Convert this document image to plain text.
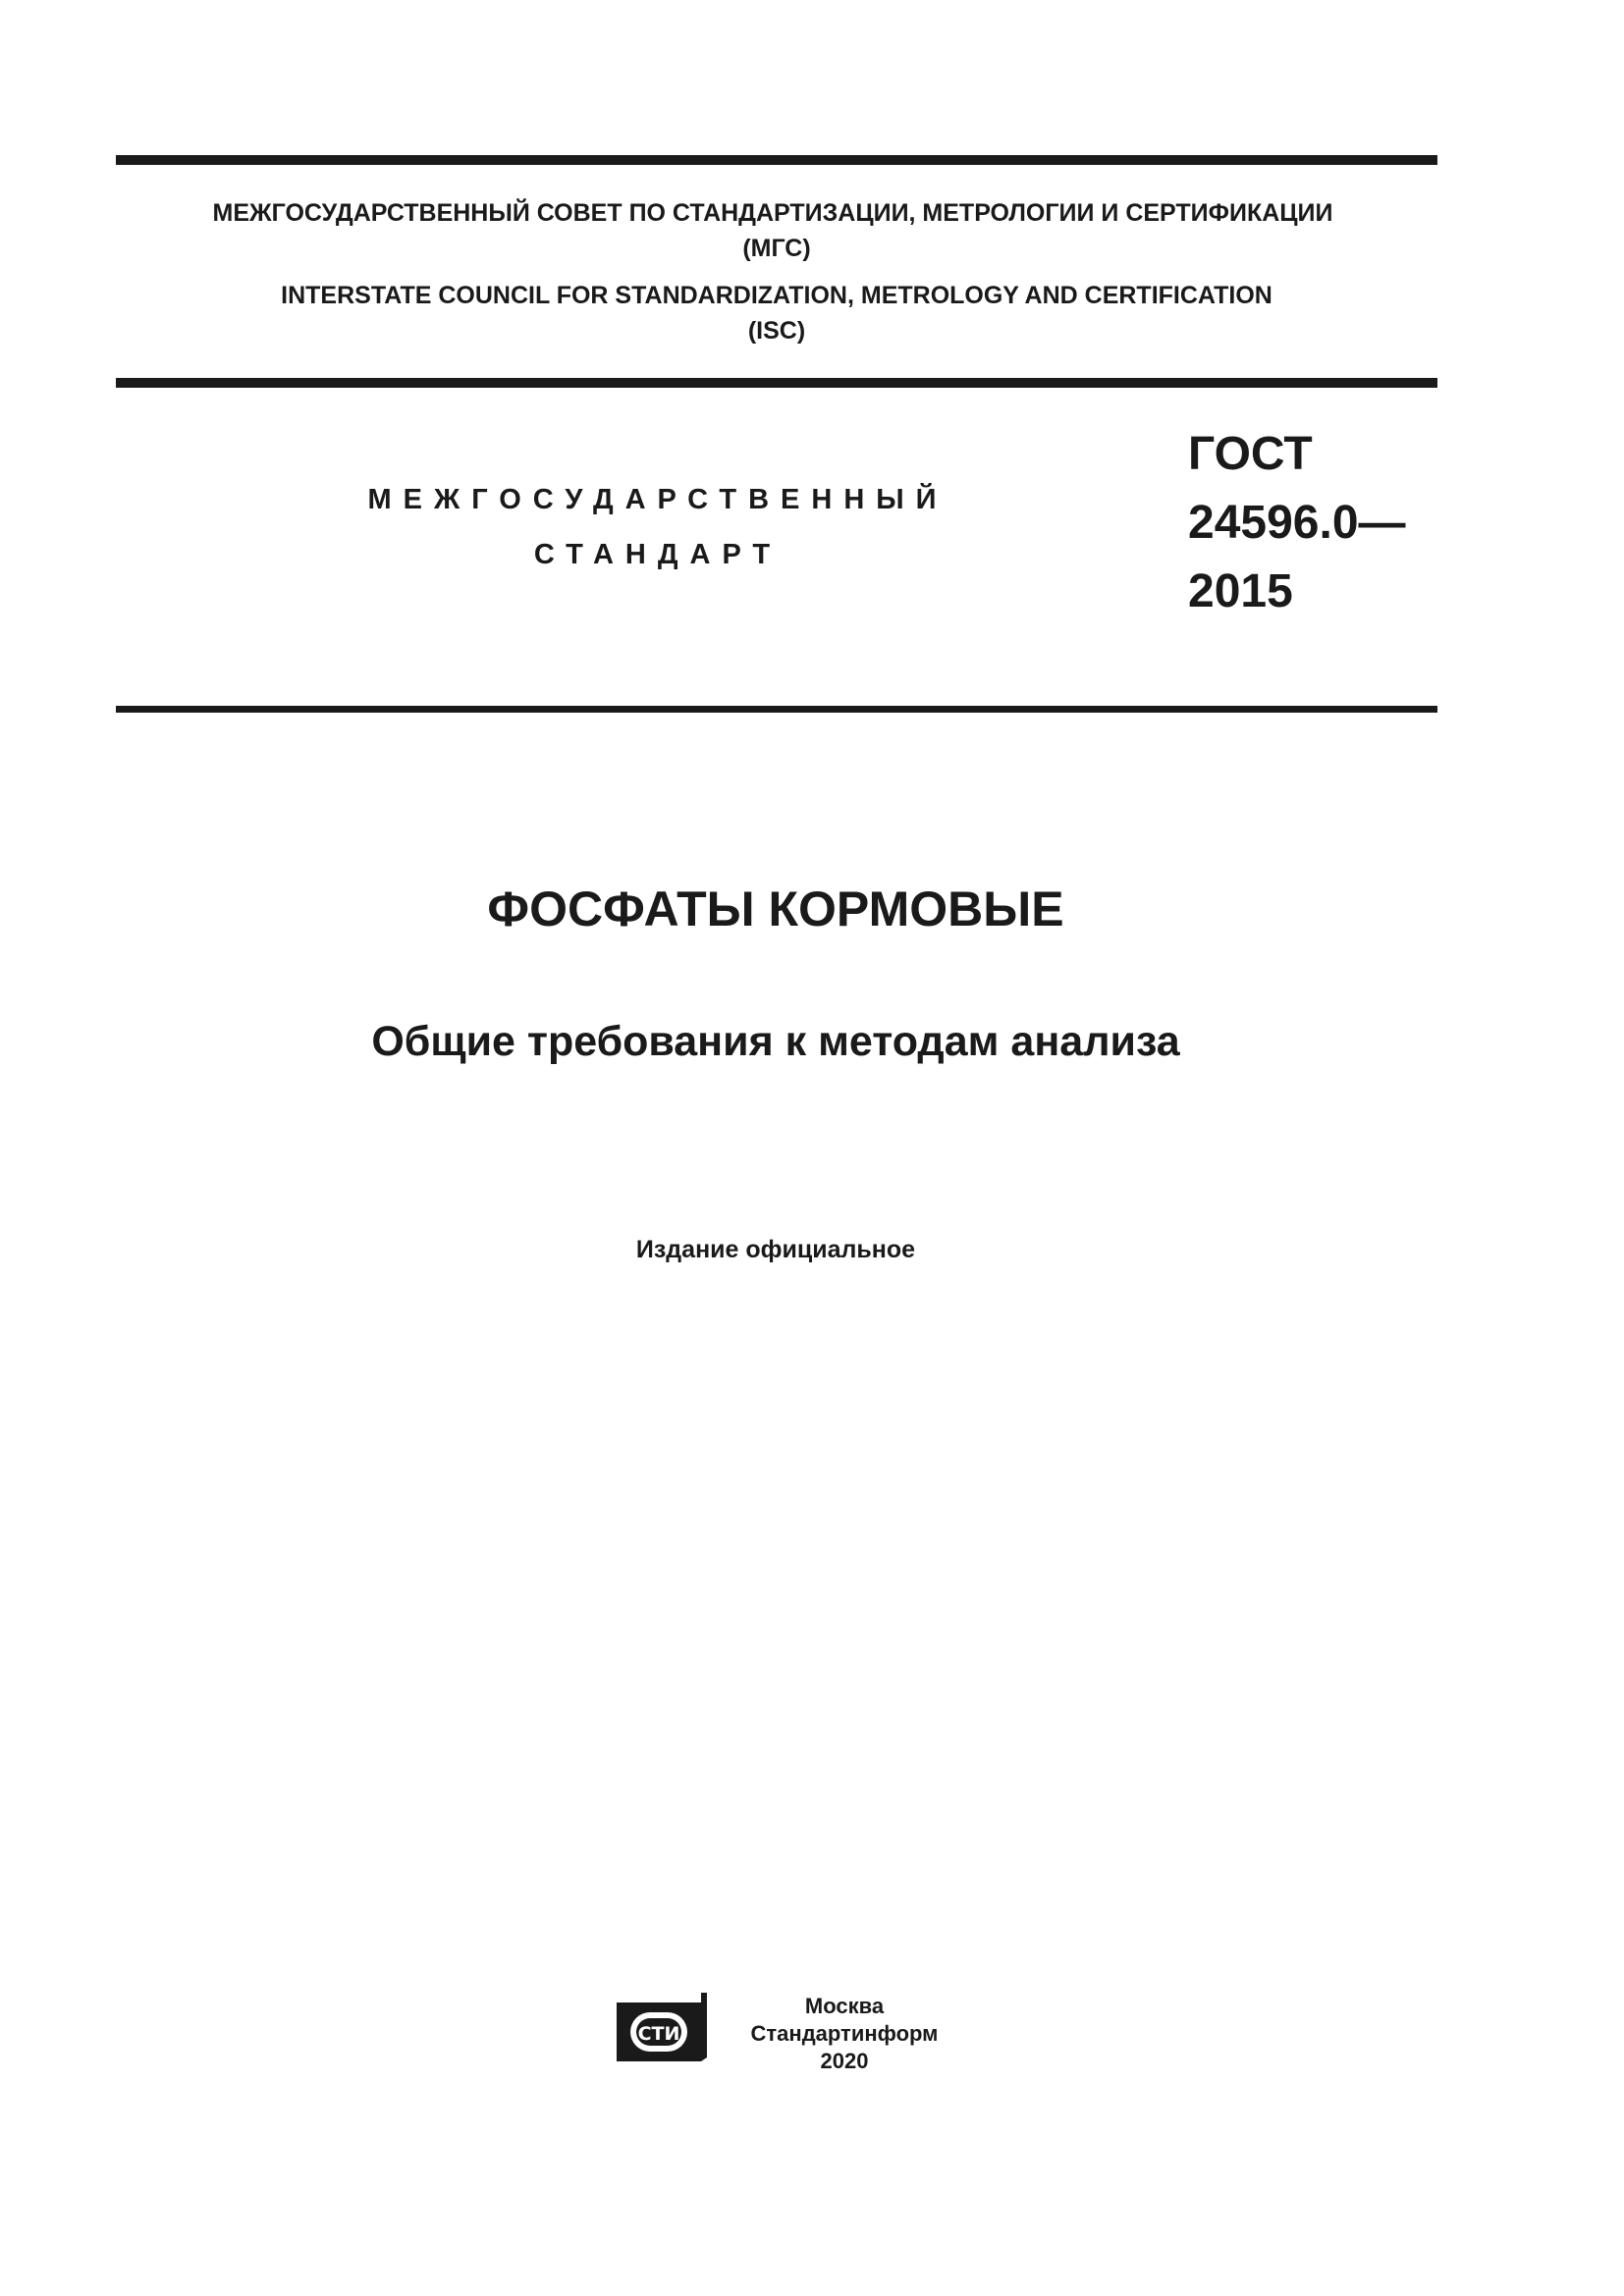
МЕЖГОСУДАРСТВЕННЫЙ СОВЕТ ПО СТАНДАРТИЗАЦИИ, МЕТРОЛОГИИ И СЕРТИФИКАЦИИ
(МГС)
INTERSTATE COUNCIL FOR STANDARDIZATION, METROLOGY AND CERTIFICATION
(ISC)
МЕЖГОСУДАРСТВЕННЫЙ
СТАНДАРТ
ГОСТ
24596.0—
2015
ФОСФАТЫ КОРМОВЫЕ
Общие требования к методам анализа
Издание официальное
СТИ
Москва
Стандартинформ
2020
